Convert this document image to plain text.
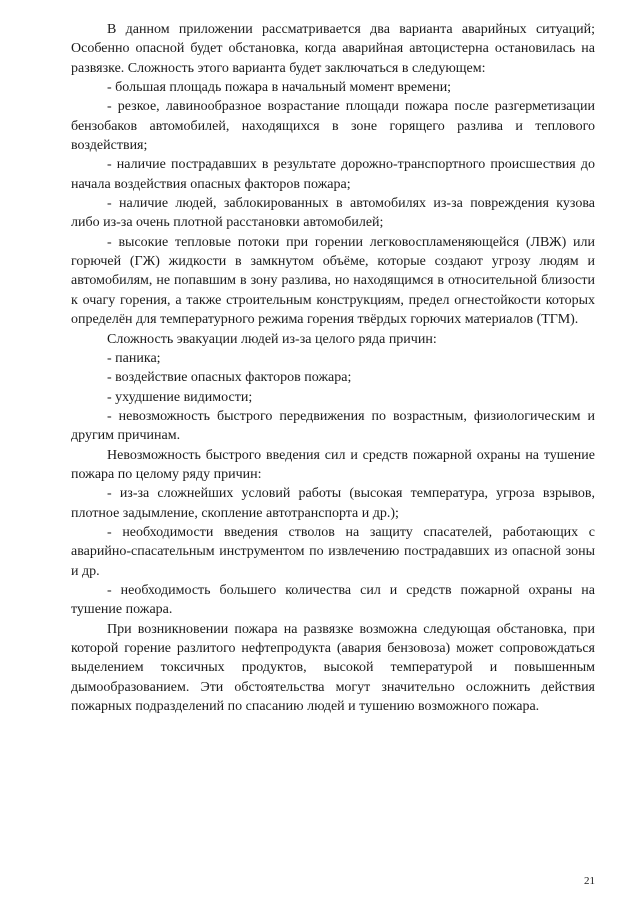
В данном приложении рассматривается два варианта аварийных ситуаций; Особенно опасной будет обстановка, когда аварийная автоцистерна остановилась на развязке. Сложность этого варианта будет заключаться в следующем:

- большая площадь пожара в начальный момент времени;

- резкое, лавинообразное возрастание площади пожара после разгерметизации бензобаков автомобилей, находящихся в зоне горящего разлива и теплового воздействия;

- наличие пострадавших в результате дорожно-транспортного происшествия до начала воздействия опасных факторов пожара;

- наличие людей, заблокированных в автомобилях из-за повреждения кузова либо из-за очень плотной расстановки автомобилей;

- высокие тепловые потоки при горении легковоспламеняющейся (ЛВЖ) или горючей (ГЖ) жидкости в замкнутом объёме, которые создают угрозу людям и автомобилям, не попавшим в зону разлива, но находящимся в относительной близости к очагу горения, а также строительным конструкциям, предел огнестойкости которых определён для температурного режима горения твёрдых горючих материалов (ТГМ).

Сложность эвакуации людей из-за целого ряда причин:

- паника;

- воздействие опасных факторов пожара;

- ухудшение видимости;

- невозможность быстрого передвижения по возрастным, физиологическим и другим причинам.

Невозможность быстрого введения сил и средств пожарной охраны на тушение пожара по целому ряду причин:

- из-за сложнейших условий работы (высокая температура, угроза взрывов, плотное задымление, скопление автотранспорта и др.);

- необходимости введения стволов на защиту спасателей, работающих с аварийно-спасательным инструментом по извлечению пострадавших из опасной зоны и др.

- необходимость большего количества сил и средств пожарной охраны на тушение пожара.

При возникновении пожара на развязке возможна следующая обстановка, при которой горение разлитого нефтепродукта (авария бензовоза) может сопровождаться выделением токсичных продуктов, высокой температурой и повышенным дымообразованием. Эти обстоятельства могут значительно осложнить действия пожарных подразделений по спасанию людей и тушению возможного пожара.

21
